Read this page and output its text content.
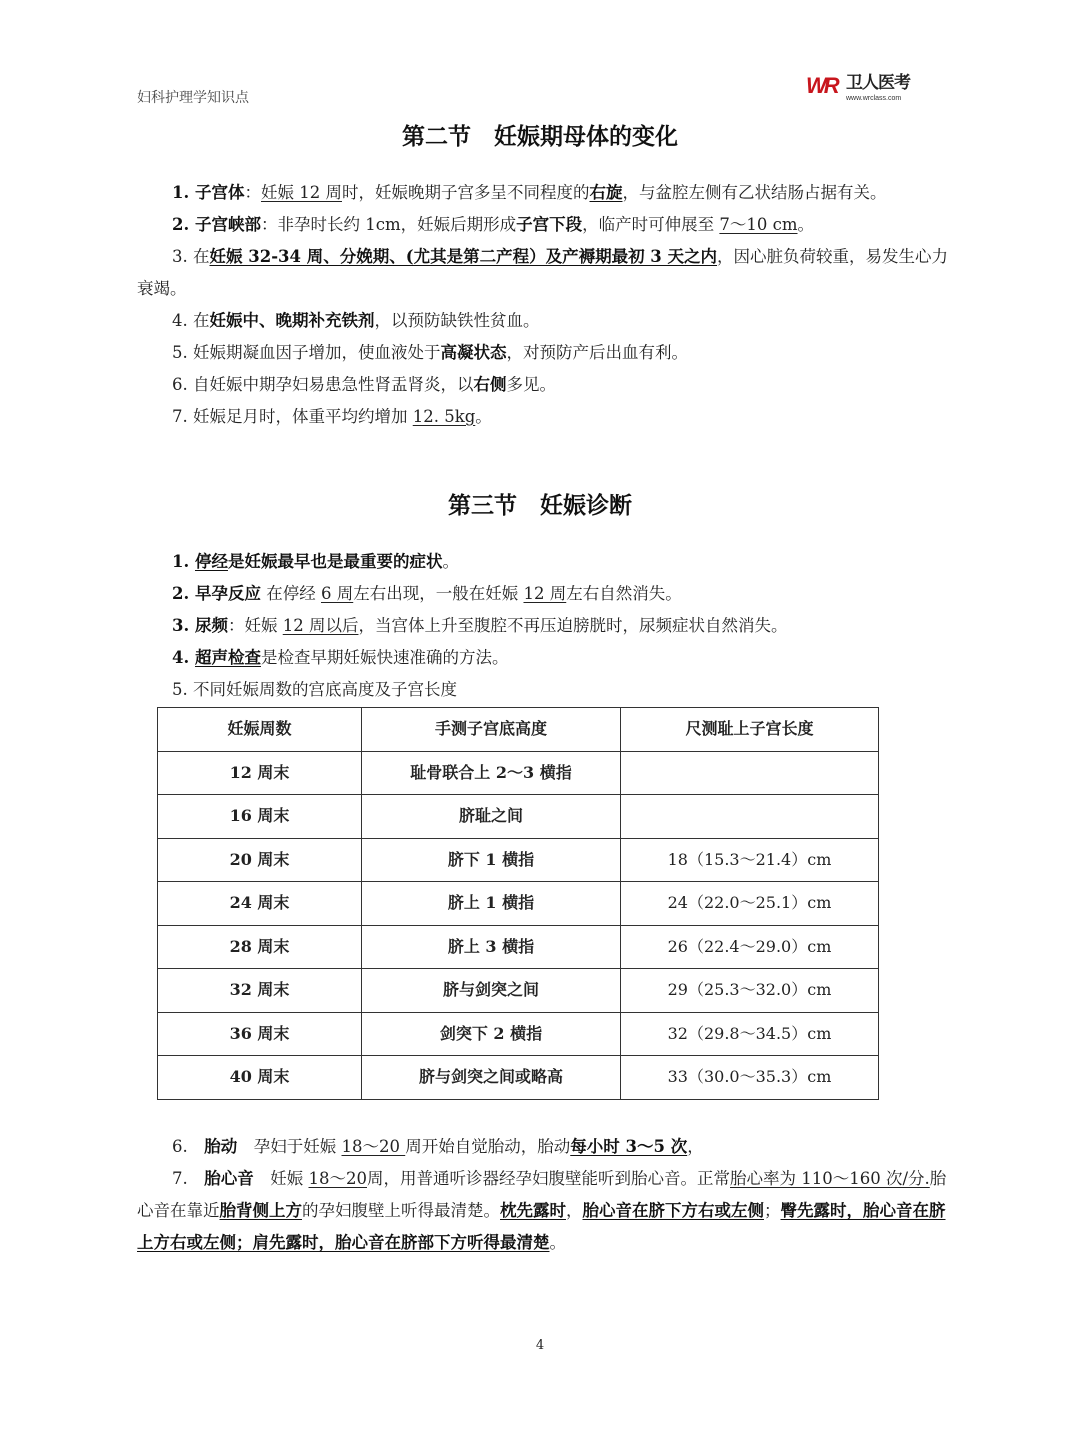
妇科护理学知识点	WR 卫人医考
www.wrclass.com
第二节　妊娠期母体的变化

1. 子宫体：妊娠 12 周时，妊娠晚期子宫多呈不同程度的右旋，与盆腔左侧有乙状结肠占据有关。

2. 子宫峡部：非孕时长约 1cm，妊娠后期形成子宫下段，临产时可伸展至 7～10 cm。

3. 在妊娠 32-34 周、分娩期、(尤其是第二产程）及产褥期最初 3 天之内，因心脏负荷较重，易发生心力衰竭。

4. 在妊娠中、晚期补充铁剂，以预防缺铁性贫血。

5. 妊娠期凝血因子增加，使血液处于高凝状态，对预防产后出血有利。

6. 自妊娠中期孕妇易患急性肾盂肾炎，以右侧多见。

7. 妊娠足月时，体重平均约增加 12. 5kg。

第三节　妊娠诊断

1. 停经是妊娠最早也是最重要的症状。

2. 早孕反应 在停经 6 周左右出现，一般在妊娠 12 周左右自然消失。

3. 尿频：妊娠 12 周以后，当宫体上升至腹腔不再压迫膀胱时，尿频症状自然消失。

4. 超声检查是检查早期妊娠快速准确的方法。

5. 不同妊娠周数的宫底高度及子宫长度

妊娠周数	手测子宫底高度	尺测耻上子宫长度
12 周末	耻骨联合上 2～3 横指	
16 周末	脐耻之间	
20 周末	脐下 1 横指	18（15.3～21.4）cm
24 周末	脐上 1 横指	24（22.0～25.1）cm
28 周末	脐上 3 横指	26（22.4～29.0）cm
32 周末	脐与剑突之间	29（25.3～32.0）cm
36 周末	剑突下 2 横指	32（29.8～34.5）cm
40 周末	脐与剑突之间或略高	33（30.0～35.3）cm

6.　胎动　孕妇于妊娠 18～20 周开始自觉胎动，胎动每小时 3～5 次，

7.　胎心音　妊娠 18～20周，用普通听诊器经孕妇腹壁能听到胎心音。正常胎心率为 110～160 次/分.胎心音在靠近胎背侧上方的孕妇腹壁上听得最清楚。枕先露时，胎心音在脐下方右或左侧；臀先露时，胎心音在脐上方右或左侧；肩先露时，胎心音在脐部下方听得最清楚。

4
